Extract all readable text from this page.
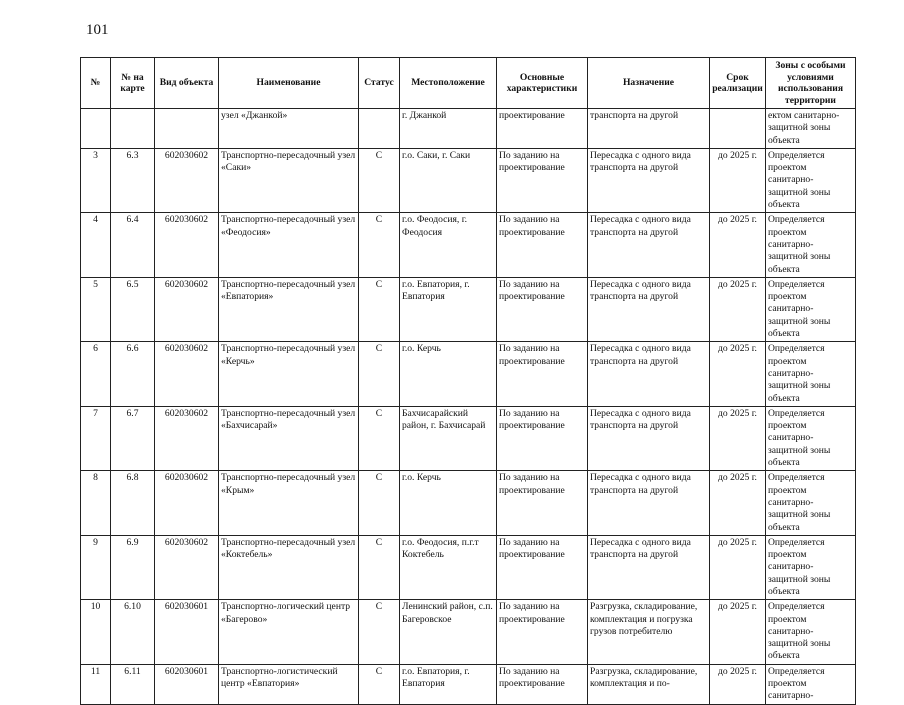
101
№	№ на карте	Вид объекта	Наименование	Статус	Местоположение	Основные характеристики	Назначение	Срок реализации	Зоны с особыми условиями использования территории
			узел «Джанкой»		г. Джанкой	проектирование	транспорта на другой		ектом санитарно-защитной зоны объекта
3	6.3	602030602	Транспортно-пересадочный узел «Саки»	С	г.о. Саки, г. Саки	По заданию на проектирование	Пересадка с одного вида транспорта на другой	до 2025 г.	Определяется проектом санитарно-защитной зоны объекта
4	6.4	602030602	Транспортно-пересадочный узел «Феодосия»	С	г.о. Феодосия, г. Феодосия	По заданию на проектирование	Пересадка с одного вида транспорта на другой	до 2025 г.	Определяется проектом санитарно-защитной зоны объекта
5	6.5	602030602	Транспортно-пересадочный узел «Евпатория»	С	г.о. Евпатория, г. Евпатория	По заданию на проектирование	Пересадка с одного вида транспорта на другой	до 2025 г.	Определяется проектом санитарно-защитной зоны объекта
6	6.6	602030602	Транспортно-пересадочный узел «Керчь»	С	г.о. Керчь	По заданию на проектирование	Пересадка с одного вида транспорта на другой	до 2025 г.	Определяется проектом санитарно-защитной зоны объекта
7	6.7	602030602	Транспортно-пересадочный узел «Бахчисарай»	С	Бахчисарайский район, г. Бахчисарай	По заданию на проектирование	Пересадка с одного вида транспорта на другой	до 2025 г.	Определяется проектом санитарно-защитной зоны объекта
8	6.8	602030602	Транспортно-пересадочный узел «Крым»	С	г.о. Керчь	По заданию на проектирование	Пересадка с одного вида транспорта на другой	до 2025 г.	Определяется проектом санитарно-защитной зоны объекта
9	6.9	602030602	Транспортно-пересадочный узел «Коктебель»	С	г.о. Феодосия, п.г.т Коктебель	По заданию на проектирование	Пересадка с одного вида транспорта на другой	до 2025 г.	Определяется проектом санитарно-защитной зоны объекта
10	6.10	602030601	Транспортно-логический центр «Багерово»	С	Ленинский район, с.п. Багеровское	По заданию на проектирование	Разгрузка, складирование, комплектация и погрузка грузов потребителю	до 2025 г.	Определяется проектом санитарно-защитной зоны объекта
11	6.11	602030601	Транспортно-логистический центр «Евпатория»	С	г.о. Евпатория, г. Евпатория	По заданию на проектирование	Разгрузка, складирование, комплектация и по-	до 2025 г.	Определяется проектом санитарно-
